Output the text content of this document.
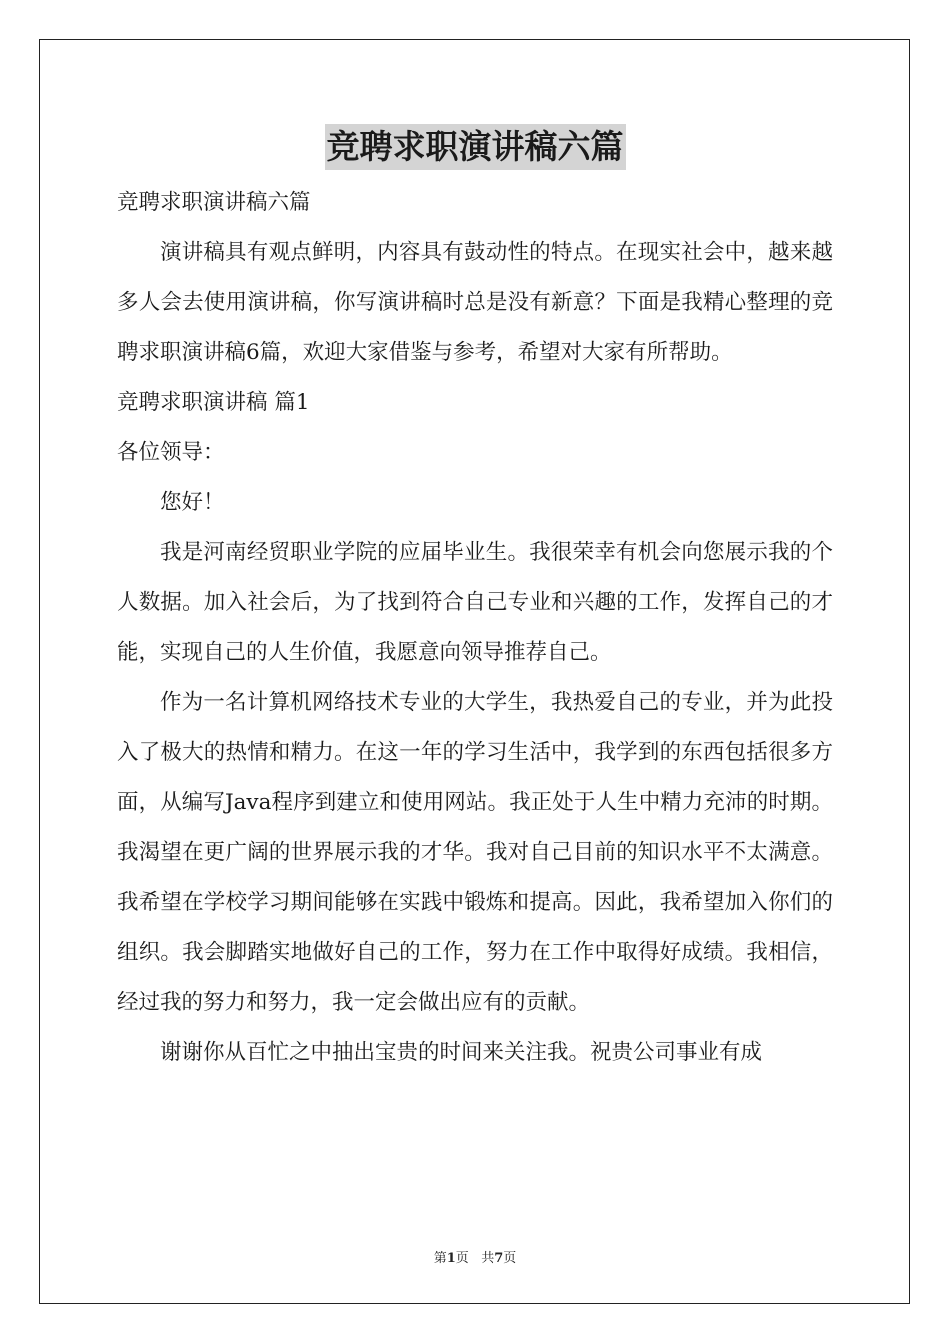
竞聘求职演讲稿六篇

竞聘求职演讲稿六篇

演讲稿具有观点鲜明，内容具有鼓动性的特点。在现实社会中，越来越多人会去使用演讲稿，你写演讲稿时总是没有新意？下面是我精心整理的竞聘求职演讲稿6篇，欢迎大家借鉴与参考，希望对大家有所帮助。

竞聘求职演讲稿 篇1

各位领导：

您好！

我是河南经贸职业学院的应届毕业生。我很荣幸有机会向您展示我的个人数据。加入社会后，为了找到符合自己专业和兴趣的工作，发挥自己的才能，实现自己的人生价值，我愿意向领导推荐自己。

作为一名计算机网络技术专业的大学生，我热爱自己的专业，并为此投入了极大的热情和精力。在这一年的学习生活中，我学到的东西包括很多方面，从编写Java程序到建立和使用网站。我正处于人生中精力充沛的时期。我渴望在更广阔的世界展示我的才华。我对自己目前的知识水平不太满意。我希望在学校学习期间能够在实践中锻炼和提高。因此，我希望加入你们的组织。我会脚踏实地做好自己的工作，努力在工作中取得好成绩。我相信，经过我的努力和努力，我一定会做出应有的贡献。

谢谢你从百忙之中抽出宝贵的时间来关注我。祝贵公司事业有成

第1页 共7页
